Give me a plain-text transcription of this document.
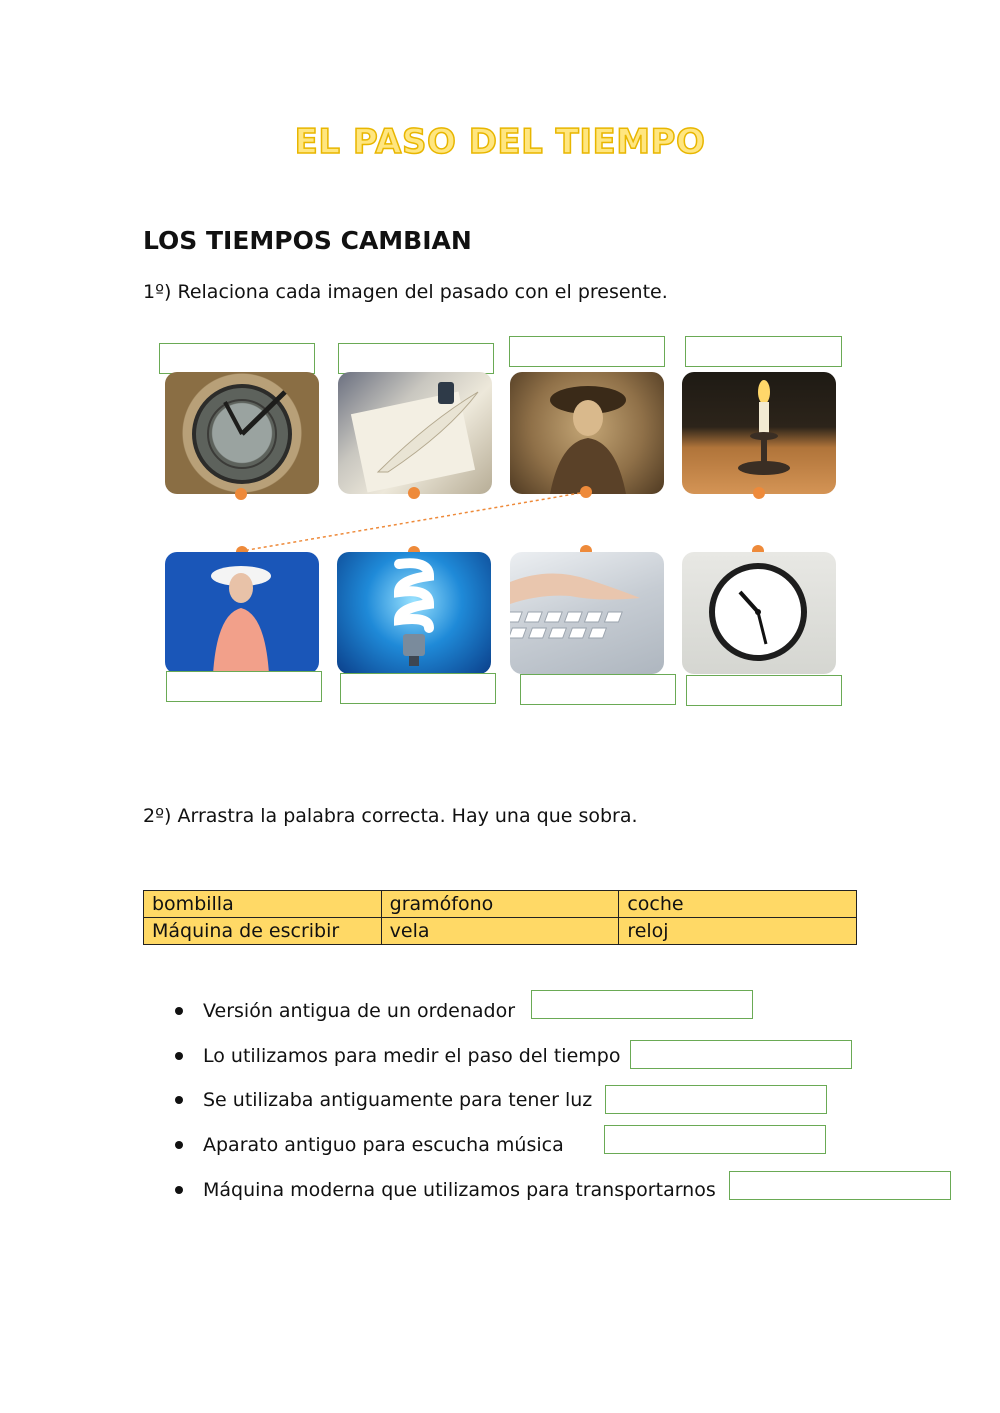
EL PASO DEL TIEMPO
LOS TIEMPOS CAMBIAN
1º) Relaciona cada imagen del pasado con el presente.
2º) Arrastra la palabra correcta. Hay una que sobra.
bombilla	gramófono	coche
Máquina de escribir	vela	reloj
Versión antigua de un ordenador
Lo utilizamos para medir el paso del tiempo
Se utilizaba antiguamente para tener luz
Aparato antiguo para escucha música
Máquina moderna que utilizamos para transportarnos
